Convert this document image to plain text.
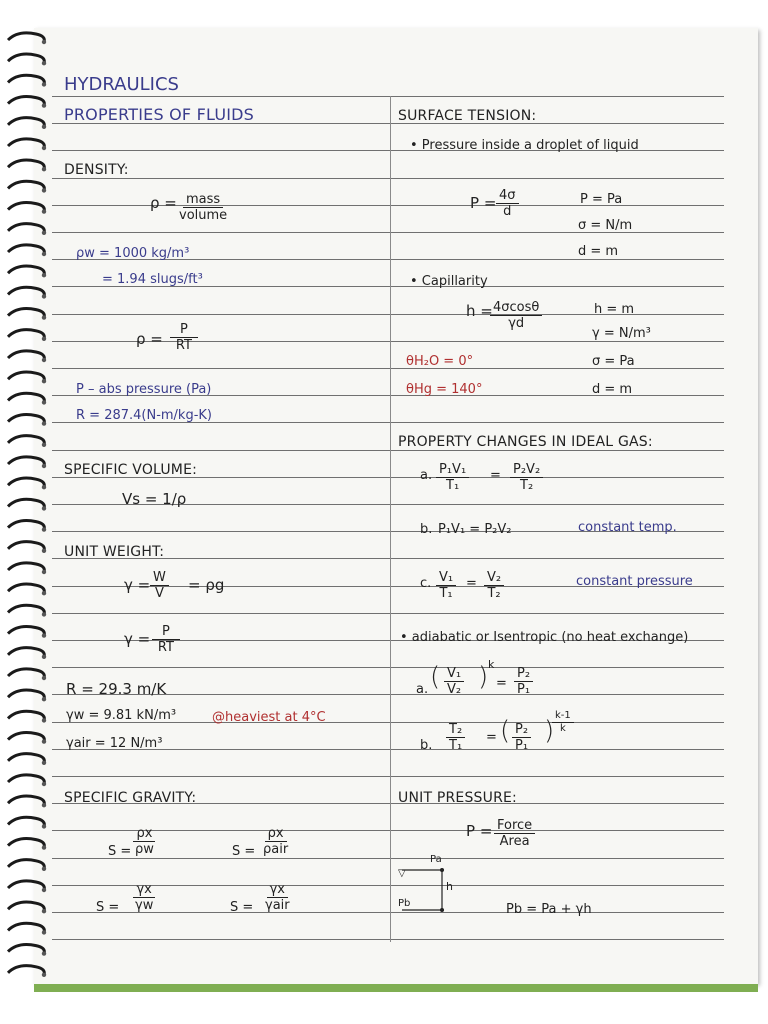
HYDRAULICS
PROPERTIES OF FLUIDS
DENSITY:
ρ = mass
volume
ρw = 1000 kg/m³
= 1.94 slugs/ft³
$\rho = \frac{P}{RT}$
P – abs pressure (Pa)
R = 287.4(N-m/kg-K)
SPECIFIC VOLUME:
Vs = 1/ρ
UNIT WEIGHT:
$\gamma = \frac{W}{V} = \rho g$
$\gamma = \frac{P}{RT}$
R = 29.3 m/K
γw = 9.81 kN/m³	@heaviest at 4°C
γair = 12 N/m³
SPECIFIC GRAVITY:
$S = \frac{\rho x}{\rho w}$	S =
ρx
ρair
$S = \frac{\gamma x}{\gamma w}$	S =
γx
γair
SURFACE TENSION:
• Pressure inside a droplet of liquid
$P = \frac{4\sigma}{d}$	P = Pa
σ = N/m
d = m
• Capillarity
h =
$\frac{4\sigma\cos\theta}{\gamma d}$	h = m
γ = N/m³
θH₂O = 0°	σ = Pa
θHg = 140°	d = m
PROPERTY CHANGES IN IDEAL GAS:
a. $\frac{\text{P₁V₁}}{\text{T₁}} = \frac{\text{P₂V₂}}{\text{T₂}}$
b. P₁V₁ = P₂V₂	constant temp.
c. $\frac{\text{V₁}}{\text{T₁}} = \frac{\text{V₂}}{\text{T₂}}$	constant pressure
• adiabatic or Isentropic (no heat exchange)
a. ( $\frac{\text{V₁}}{\text{V₂}}$ ) k
= $\frac{\text{P₂}}{\text{P₁}}$
b. $\frac{\text{T₂}}{\text{T₁}}$ = ( $\frac{\text{P₂}}{\text{P₁}}$ )
$\frac{k-1}{k}$
UNIT PRESSURE:
P = Force
Area
▽
Pa
Pb
h
Pb = Pa + γh
